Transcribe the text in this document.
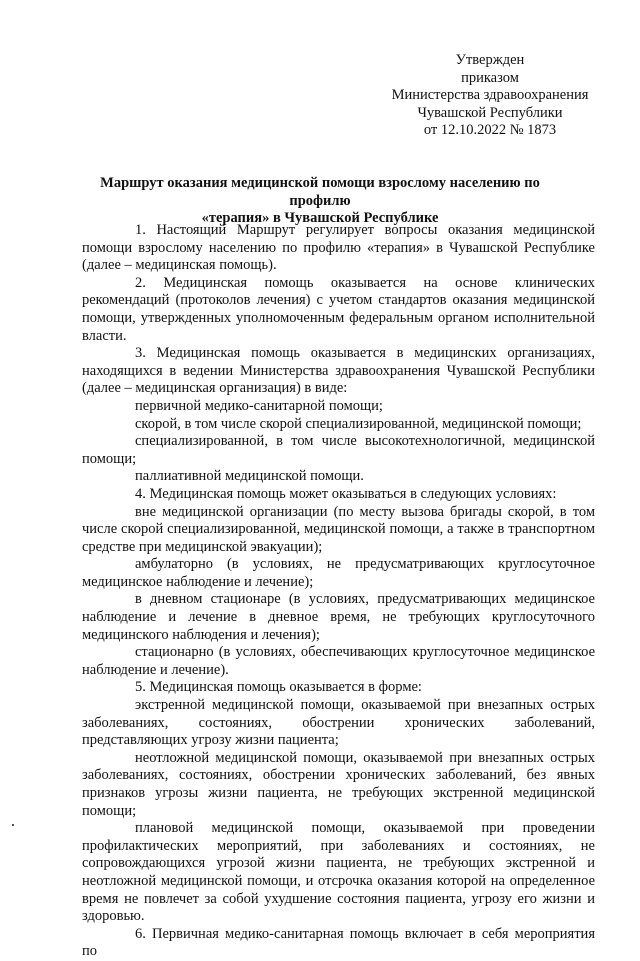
Утвержден
приказом
Министерства здравоохранения
Чувашской Республики
от 12.10.2022 № 1873
Маршрут оказания медицинской помощи взрослому населению по профилю
«терапия» в Чувашской Республике

1. Настоящий Маршрут регулирует вопросы оказания медицинской помощи взрослому населению по профилю «терапия» в Чувашской Республике (далее – медицинская помощь).

2. Медицинская помощь оказывается на основе клинических рекомендаций (протоколов лечения) с учетом стандартов оказания медицинской помощи, утвержденных уполномоченным федеральным органом исполнительной власти.

3. Медицинская помощь оказывается в медицинских организациях, находящихся в ведении Министерства здравоохранения Чувашской Республики (далее – медицинская организация) в виде:

первичной медико-санитарной помощи;

скорой, в том числе скорой специализированной, медицинской помощи;

специализированной, в том числе высокотехнологичной, медицинской помощи;

паллиативной медицинской помощи.

4. Медицинская помощь может оказываться в следующих условиях:

вне медицинской организации (по месту вызова бригады скорой, в том числе скорой специализированной, медицинской помощи, а также в транспортном средстве при медицинской эвакуации);

амбулаторно (в условиях, не предусматривающих круглосуточное медицинское наблюдение и лечение);

в дневном стационаре (в условиях, предусматривающих медицинское наблюдение и лечение в дневное время, не требующих круглосуточного медицинского наблюдения и лечения);

стационарно (в условиях, обеспечивающих круглосуточное медицинское наблюдение и лечение).

5. Медицинская помощь оказывается в форме:

экстренной медицинской помощи, оказываемой при внезапных острых заболеваниях, состояниях, обострении хронических заболеваний, представляющих угрозу жизни пациента;

неотложной медицинской помощи, оказываемой при внезапных острых заболеваниях, состояниях, обострении хронических заболеваний, без явных признаков угрозы жизни пациента, не требующих экстренной медицинской помощи;

плановой медицинской помощи, оказываемой при проведении профилактических мероприятий, при заболеваниях и состояниях, не сопровождающихся угрозой жизни пациента, не требующих экстренной и неотложной медицинской помощи, и отсрочка оказания которой на определенное время не повлечет за собой ухудшение состояния пациента, угрозу его жизни и здоровью.

6. Первичная медико-санитарная помощь включает в себя мероприятия по
